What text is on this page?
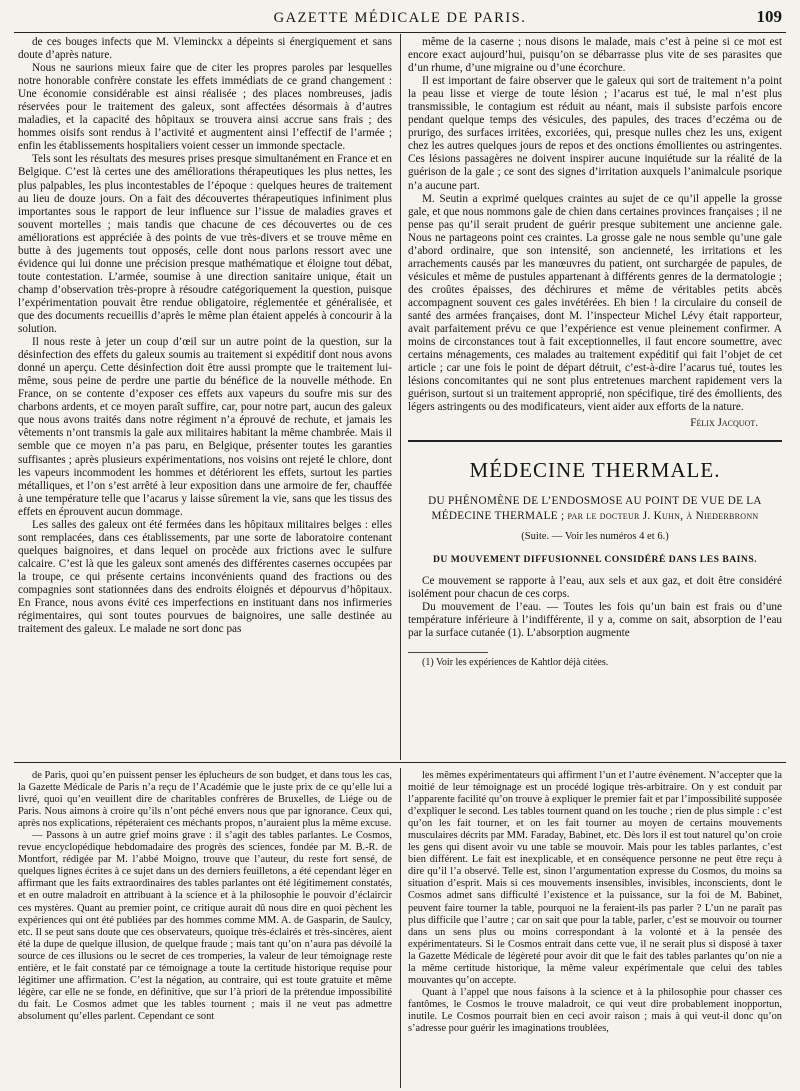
GAZETTE MÉDICALE DE PARIS.	109

de ces bouges infects que M. Vleminckx a dépeints si énergiquement et sans doute d’après nature.

Nous ne saurions mieux faire que de citer les propres paroles par lesquelles notre honorable confrère constate les effets immédiats de ce grand changement : Une économie considérable est ainsi réalisée ; des places nombreuses, jadis réservées pour le traitement des galeux, sont affectées désormais à d’autres maladies, et la capacité des hôpitaux se trouvera ainsi accrue sans frais ; des hommes oisifs sont rendus à l’activité et augmentent ainsi l’effectif de l’armée ; enfin les établissements hospitaliers voient cesser un immonde spectacle.

Tels sont les résultats des mesures prises presque simultanément en France et en Belgique. C’est là certes une des améliorations thérapeutiques les plus nettes, les plus palpables, les plus incontestables de l’époque : quelques heures de traitement au lieu de douze jours. On a fait des découvertes thérapeutiques infiniment plus importantes sous le rapport de leur influence sur l’issue de maladies graves et souvent mortelles ; mais tandis que chacune de ces découvertes ou de ces améliorations est appréciée à des points de vue très-divers et se trouve même en butte à des jugements tout opposés, celle dont nous parlons ressort avec une évidence qui lui donne une précision presque mathématique et éloigne tout débat, toute contestation. L’armée, soumise à une direction sanitaire unique, était un champ d’observation très-propre à résoudre catégoriquement la question, puisque l’expérimentation pouvait être rendue obligatoire, réglementée et généralisée, et que des documents recueillis d’après le même plan étaient appelés à concourir à la solution.

Il nous reste à jeter un coup d’œil sur un autre point de la question, sur la désinfection des effets du galeux soumis au traitement si expéditif dont nous avons donné un aperçu. Cette désinfection doit être aussi prompte que le traitement lui-même, sous peine de perdre une partie du bénéfice de la nouvelle méthode. En France, on se contente d’exposer ces effets aux vapeurs du soufre mis sur des charbons ardents, et ce moyen paraît suffire, car, pour notre part, aucun des galeux que nous avons traités dans notre régiment n’a éprouvé de rechute, et jamais les vêtements n’ont transmis la gale aux militaires habitant la même chambrée. Mais il semble que ce moyen n’a pas paru, en Belgique, présenter toutes les garanties suffisantes ; après plusieurs expérimentations, nos voisins ont rejeté le chlore, dont les vapeurs incommodent les hommes et détériorent les effets, surtout les parties métalliques, et l’on s’est arrêté à leur exposition dans une armoire de fer, chauffée à une température telle que l’acarus y laisse sûrement la vie, sans que les tissus des effets en éprouvent aucun dommage.

Les salles des galeux ont été fermées dans les hôpitaux militaires belges : elles sont remplacées, dans ces établissements, par une sorte de laboratoire contenant quelques baignoires, et dans lequel on procède aux frictions avec le sulfure calcaire. C’est là que les galeux sont amenés des différentes casernes occupées par la troupe, ce qui présente certains inconvénients quand des fractions ou des compagnies sont stationnées dans des endroits éloignés et dépourvus d’hôpitaux. En France, nous avons évité ces imperfections en instituant dans nos infirmeries régimentaires, qui sont toutes pourvues de baignoires, une salle destinée au traitement des galeux. Le malade ne sort donc pas

même de la caserne ; nous disons le malade, mais c’est à peine si ce mot est encore exact aujourd’hui, puisqu’on se débarrasse plus vite de ses parasites que d’un rhume, d’une migraine ou d’une écorchure.

Il est important de faire observer que le galeux qui sort de traitement n’a point la peau lisse et vierge de toute lésion ; l’acarus est tué, le mal n’est plus transmissible, le contagium est réduit au néant, mais il subsiste parfois encore pendant quelque temps des vésicules, des papules, des traces d’eczéma ou de prurigo, des surfaces irritées, excoriées, qui, presque nulles chez les uns, exigent chez les autres quelques jours de repos et des onctions émollientes ou astringentes. Ces lésions passagères ne doivent inspirer aucune inquiétude sur la réalité de la guérison de la gale ; ce sont des signes d’irritation auxquels l’animalcule psorique n’a aucune part.

M. Seutin a exprimé quelques craintes au sujet de ce qu’il appelle la grosse gale, et que nous nommons gale de chien dans certaines provinces françaises ; il ne pense pas qu’il serait prudent de guérir presque subitement une ancienne gale. Nous ne partageons point ces craintes. La grosse gale ne nous semble qu’une gale d’abord ordinaire, que son intensité, son ancienneté, les irritations et les arrachements causés par les manœuvres du patient, ont surchargée de papules, de vésicules et même de pustules appartenant à différents genres de la dermatologie ; des croûtes épaisses, des déchirures et même de véritables petits abcès accompagnent souvent ces gales invétérées. Eh bien ! la circulaire du conseil de santé des armées françaises, dont M. l’inspecteur Michel Lévy était rapporteur, avait parfaitement prévu ce que l’expérience est venue pleinement confirmer. A moins de circonstances tout à fait exceptionnelles, il faut encore soumettre, avec certains ménagements, ces malades au traitement expéditif qui fait l’objet de cet article ; car une fois le point de départ détruit, c’est-à-dire l’acarus tué, toutes les lésions concomitantes qui ne sont plus entretenues marchent rapidement vers la guérison, surtout si un traitement approprié, non spécifique, tiré des émollients, des légers astringents ou des modificateurs, vient aider aux efforts de la nature.

Félix Jacquot.
MÉDECINE THERMALE.
DU PHÉNOMÈNE DE L’ENDOSMOSE AU POINT DE VUE DE LA MÉDECINE THERMALE ; par le docteur J. Kuhn, à Niederbronn
(Suite. — Voir les numéros 4 et 6.)
DU MOUVEMENT DIFFUSIONNEL CONSIDÉRÉ DANS LES BAINS.

Ce mouvement se rapporte à l’eau, aux sels et aux gaz, et doit être considéré isolément pour chacun de ces corps.

Du mouvement de l’eau. — Toutes les fois qu’un bain est frais ou d’une température inférieure à l’indifférente, il y a, comme on sait, absorption de l’eau par la surface cutanée (1). L’absorption augmente

(1) Voir les expériences de Kahtlor déjà citées.

de Paris, quoi qu’en puissent penser les éplucheurs de son budget, et dans tous les cas, la Gazette Médicale de Paris n’a reçu de l’Académie que le juste prix de ce qu’elle lui a livré, quoi qu’en veuillent dire de charitables confrères de Bruxelles, de Liége ou de Paris. Nous aimons à croire qu’ils n’ont péché envers nous que par ignorance. Ceux qui, après nos explications, répéteraient ces méchants propos, n’auraient plus la même excuse.

— Passons à un autre grief moins grave : il s’agit des tables parlantes. Le Cosmos, revue encyclopédique hebdomadaire des progrès des sciences, fondée par M. B.-R. de Montfort, rédigée par M. l’abbé Moigno, trouve que l’auteur, du reste fort sensé, de quelques lignes écrites à ce sujet dans un des derniers feuilletons, a été cependant léger en affirmant que les faits extraordinaires des tables parlantes ont été légitimement constatés, et en outre maladroit en attribuant à la science et à la philosophie le pouvoir d’éclaircir ces mystères. Quant au premier point, ce critique aurait dû nous dire en quoi pèchent les expériences qui ont été publiées par des hommes comme MM. A. de Gasparin, de Saulcy, etc. Il se peut sans doute que ces observateurs, quoique très-éclairés et très-sincères, aient été la dupe de quelque illusion, de quelque fraude ; mais tant qu’on n’aura pas dévoilé la source de ces illusions ou le secret de ces tromperies, la valeur de leur témoignage reste entière, et le fait constaté par ce témoignage a toute la certitude historique requise pour légitimer une affirmation. C’est la négation, au contraire, qui est toute gratuite et même légère, car elle ne se fonde, en définitive, que sur l’à priori de la prétendue impossibilité du fait. Le Cosmos admet que les tables tournent ; mais il ne veut pas admettre absolument qu’elles parlent. Cependant ce sont

les mêmes expérimentateurs qui affirment l’un et l’autre événement. N’accepter que la moitié de leur témoignage est un procédé logique très-arbitraire. On y est conduit par l’apparente facilité qu’on trouve à expliquer le premier fait et par l’impossibilité supposée d’expliquer le second. Les tables tournent quand on les touche ; rien de plus simple : c’est qu’on les fait tourner, et on les fait tourner au moyen de certains mouvements musculaires décrits par MM. Faraday, Babinet, etc. Dès lors il est tout naturel qu’on croie les gens qui disent avoir vu une table se mouvoir. Mais pour les tables parlantes, c’est bien différent. Le fait est inexplicable, et en conséquence personne ne peut être reçu à dire qu’il l’a observé. Telle est, sinon l’argumentation expresse du Cosmos, du moins sa situation d’esprit. Mais si ces mouvements insensibles, invisibles, inconscients, dont le Cosmos admet sans difficulté l’existence et la puissance, sur la foi de M. Babinet, peuvent faire tourner la table, pourquoi ne la feraient-ils pas parler ? L’un ne paraît pas plus difficile que l’autre ; car on sait que pour la table, parler, c’est se mouvoir ou tourner dans un sens plus ou moins correspondant à la volonté et à la pensée des expérimentateurs. Si le Cosmos entrait dans cette vue, il ne serait plus si disposé à taxer la Gazette Médicale de légèreté pour avoir dit que le fait des tables parlantes qu’on nie a la même certitude historique, la même valeur expérimentale que celui des tables mouvantes qu’on accepte.

Quant à l’appel que nous faisons à la science et à la philosophie pour chasser ces fantômes, le Cosmos le trouve maladroit, ce qui veut dire probablement inopportun, inutile. Le Cosmos pourrait bien en ceci avoir raison ; mais à qui veut-il donc qu’on s’adresse pour guérir les imaginations troublées,
